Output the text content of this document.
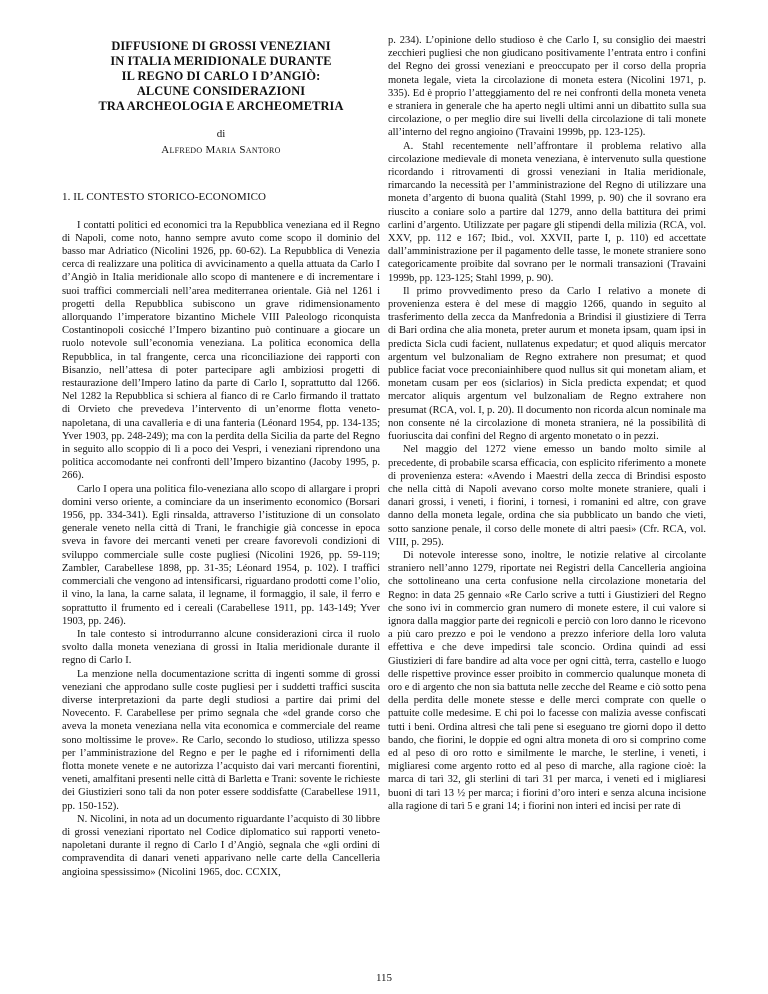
DIFFUSIONE DI GROSSI VENEZIANI
IN ITALIA MERIDIONALE DURANTE
IL REGNO DI CARLO I D’ANGIÒ:
ALCUNE CONSIDERAZIONI
TRA ARCHEOLOGIA E ARCHEOMETRIA
di
Alfredo Maria Santoro
1. IL CONTESTO STORICO-ECONOMICO

I contatti politici ed economici tra la Repubblica veneziana ed il Regno di Napoli, come noto, hanno sempre avuto come scopo il dominio del basso mar Adriatico (Nicolini 1926, pp. 60-62). La Repubblica di Venezia cerca di realizzare una politica di avvicinamento a quella attuata da Carlo I d’Angiò in Italia meridionale allo scopo di mantenere e di incrementare i suoi traffici commerciali nell’area mediterranea orientale. Già nel 1261 i progetti della Repubblica subiscono un grave ridimensionamento allorquando l’imperatore bizantino Michele VIII Paleologo riconquista Costantinopoli cosicché l’Impero bizantino può continuare a giocare un ruolo notevole sull’economia veneziana. La politica economica della Repubblica, in tal frangente, cerca una riconciliazione dei rapporti con Bisanzio, nell’attesa di poter partecipare agli ambiziosi progetti di restaurazione dell’Impero latino da parte di Carlo I, soprattutto dal 1266. Nel 1282 la Repubblica si schiera al fianco di re Carlo firmando il trattato di Orvieto che prevedeva l’intervento di un’enorme flotta veneto-napoletana, di una cavalleria e di una fanteria (Léonard 1954, pp. 134-135; Yver 1903, pp. 248-249); ma con la perdita della Sicilia da parte del Regno in seguito allo scoppio di lì a poco dei Vespri, i veneziani riprendono una politica accomodante nei confronti dell’Impero bizantino (Jacoby 1995, p. 266).

Carlo I opera una politica filo-veneziana allo scopo di allargare i propri domini verso oriente, a cominciare da un inserimento economico (Borsari 1956, pp. 334-341). Egli rinsalda, attraverso l’istituzione di un consolato generale veneto nella città di Trani, le franchigie già concesse in epoca sveva in favore dei mercanti veneti per creare favorevoli condizioni di sviluppo commerciale sulle coste pugliesi (Nicolini 1926, pp. 59-119; Zambler, Carabellese 1898, pp. 31-35; Léonard 1954, p. 102). I traffici commerciali che vengono ad intensificarsi, riguardano prodotti come l’olio, il vino, la lana, la carne salata, il legname, il formaggio, il sale, il ferro e soprattutto il frumento ed i cereali (Carabellese 1911, pp. 143-149; Yver 1903, pp. 246).

In tale contesto si introdurranno alcune considerazioni circa il ruolo svolto dalla moneta veneziana di grossi in Italia meridionale durante il regno di Carlo I.

La menzione nella documentazione scritta di ingenti somme di grossi veneziani che approdano sulle coste pugliesi per i suddetti traffici suscita diverse interpretazioni da parte degli studiosi a partire dai primi del Novecento. F. Carabellese per primo segnala che «del grande corso che aveva la moneta veneziana nella vita economica e commerciale del reame sono moltissime le prove». Re Carlo, secondo lo studioso, utilizza spesso per l’amministrazione del Regno e per le paghe ed i rifornimenti della flotta monete venete e ne autorizza l’acquisto dai vari mercanti fiorentini, veneti, amalfitani presenti nelle città di Barletta e Trani: sovente le richieste dei Giustizieri sono tali da non poter essere soddisfatte (Carabellese 1911, pp. 150-152).

N. Nicolini, in nota ad un documento riguardante l’acquisto di 30 libbre di grossi veneziani riportato nel Codice diplomatico sui rapporti veneto-napoletani durante il regno di Carlo I d’Angiò, segnala che «gli ordini di compravendita di danari veneti apparivano nelle carte della Cancelleria angioina spessissimo» (Nicolini 1965, doc. CCXIX,

p. 234). L’opinione dello studioso è che Carlo I, su consiglio dei maestri zecchieri pugliesi che non giudicano positivamente l’entrata entro i confini del Regno dei grossi veneziani e preoccupato per il corso della propria moneta legale, vieta la circolazione di moneta estera (Nicolini 1971, p. 335). Ed è proprio l’atteggiamento del re nei confronti della moneta veneta e straniera in generale che ha aperto negli ultimi anni un dibattito sulla sua circolazione, o per meglio dire sui livelli della circolazione di tali monete all’interno del regno angioino (Travaini 1999b, pp. 123-125).

A. Stahl recentemente nell’affrontare il problema relativo alla circolazione medievale di moneta veneziana, è intervenuto sulla questione ricordando i ritrovamenti di grossi veneziani in Italia meridionale, rimarcando la necessità per l’amministrazione del Regno di utilizzare una moneta d’argento di buona qualità (Stahl 1999, p. 90) che il sovrano era riuscito a coniare solo a partire dal 1279, anno della battitura dei primi carlini d’argento. Utilizzate per pagare gli stipendi della milizia (RCA, vol. XXV, pp. 112 e 167; Ibid., vol. XXVII, parte I, p. 110) ed accettate dall’amministrazione per il pagamento delle tasse, le monete straniere sono categoricamente proibite dal sovrano per le normali transazioni (Travaini 1999b, pp. 123-125; Stahl 1999, p. 90).

Il primo provvedimento preso da Carlo I relativo a monete di provenienza estera è del mese di maggio 1266, quando in seguito al trasferimento della zecca da Manfredonia a Brindisi il giustiziere di Terra di Bari ordina che alia moneta, preter aurum et moneta ipsam, quam ipsi in predicta Sicla cudi facient, nullatenus expedatur; et quod aliquis mercator argentum vel bulzonaliam de Regno extrahere non presumat; et quod publice faciat voce preconiainhibere quod nullus sit qui monetam aliam, et monetam cusam per eos (siclarios) in Sicla predicta expendat; et quod mercator aliquis argentum vel bulzonaliam de Regno extrahere non presumat (RCA, vol. I, p. 20). Il documento non ricorda alcun nominale ma non consente né la circolazione di moneta straniera, né la possibilità di fuoriuscita dai confini del Regno di argento monetato o in pezzi.

Nel maggio del 1272 viene emesso un bando molto simile al precedente, di probabile scarsa efficacia, con esplicito riferimento a monete di provenienza estera: «Avendo i Maestri della zecca di Brindisi esposto che nella città di Napoli avevano corso molte monete straniere, quali i danari grossi, i veneti, i fiorini, i tornesi, i romanini ed altre, con grave danno della moneta legale, ordina che sia pubblicato un bando che vieti, sotto sanzione penale, il corso delle monete di altri paesi» (Cfr. RCA, vol. VIII, p. 295).

Di notevole interesse sono, inoltre, le notizie relative al circolante straniero nell’anno 1279, riportate nei Registri della Cancelleria angioina che sottolineano una certa confusione nella circolazione monetaria del Regno: in data 25 gennaio «Re Carlo scrive a tutti i Giustizieri del Regno che sono ivi in commercio gran numero di monete estere, il cui valore si ignora dalla maggior parte dei regnicoli e perciò con loro danno le ricevono a più caro prezzo e poi le vendono a prezzo inferiore della loro valuta effettiva e che deve impedirsi tale sconcio. Ordina quindi ad essi Giustizieri di fare bandire ad alta voce per ogni città, terra, castello e luogo delle rispettive province esser proibito in commercio qualunque moneta di oro e di argento che non sia battuta nelle zecche del Reame e ciò sotto pena della perdita delle monete stesse e delle merci comprate con quelle o pattuite colle medesime. E chi poi lo facesse con malizia avesse confiscati tutti i beni. Ordina altresì che tali pene si eseguano tre giorni dopo il detto bando, che fiorini, le doppie ed ogni altra moneta di oro si comprino come ed al peso di oro rotto e similmente le marche, le sterline, i veneti, i migliaresi come argento rotto ed al peso di marche, alla ragione cioè: la marca di tarì 32, gli sterlini di tarì 31 per marca, i veneti ed i migliaresi buoni di tarì 13 ½ per marca; i fiorini d’oro interi e senza alcuna incisione alla ragione di tarì 5 e grani 14; i fiorini non interi ed incisi per rate di

115
